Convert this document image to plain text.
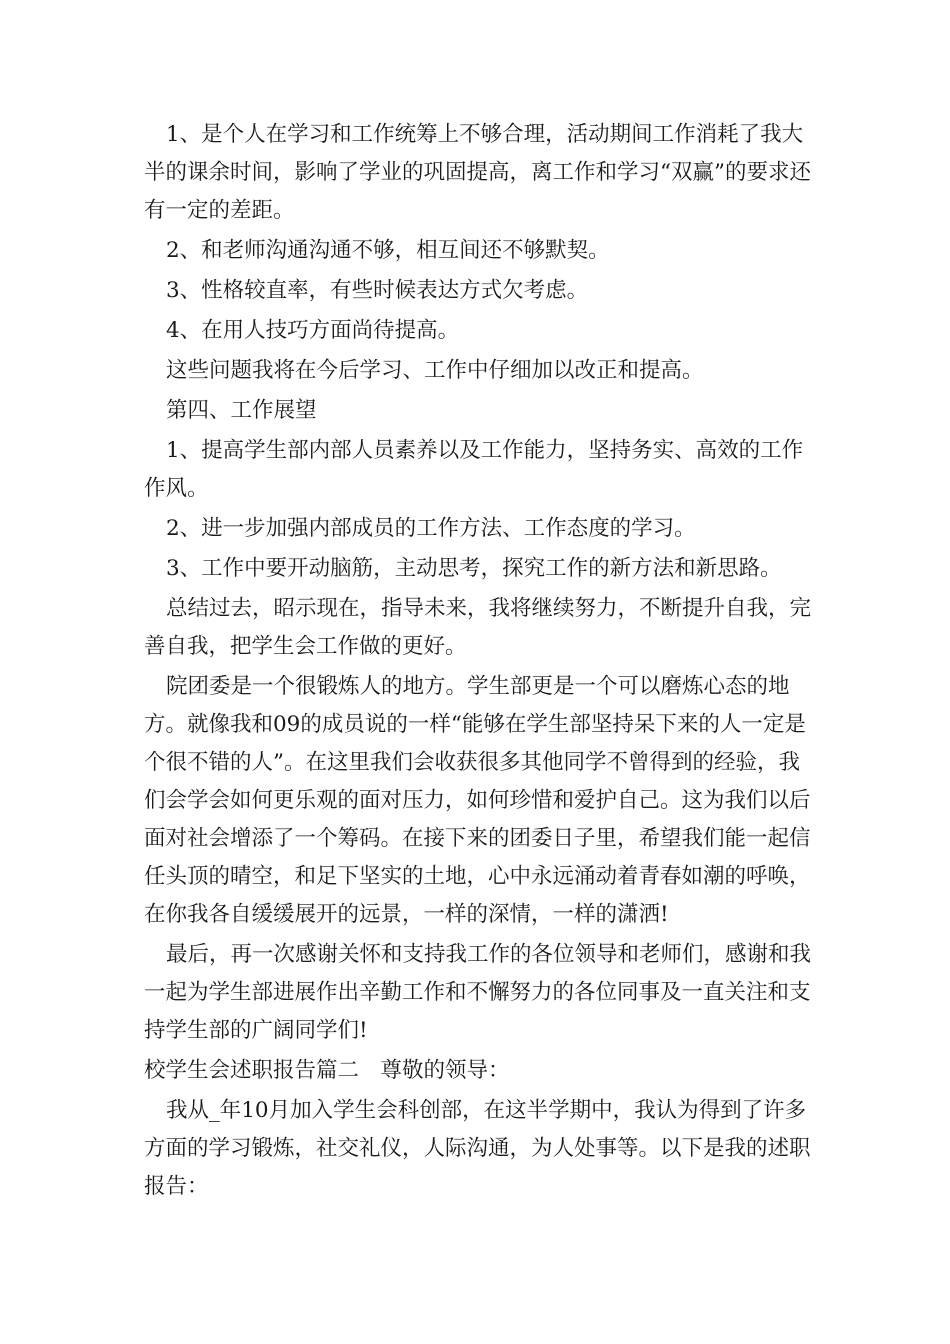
1、是个人在学习和工作统筹上不够合理，活动期间工作消耗了我大半的课余时间，影响了学业的巩固提高，离工作和学习“双赢”的要求还有一定的差距。

2、和老师沟通沟通不够，相互间还不够默契。

3、性格较直率，有些时候表达方式欠考虑。

4、在用人技巧方面尚待提高。

这些问题我将在今后学习、工作中仔细加以改正和提高。

第四、工作展望

1、提高学生部内部人员素养以及工作能力，坚持务实、高效的工作作风。

2、进一步加强内部成员的工作方法、工作态度的学习。

3、工作中要开动脑筋，主动思考，探究工作的新方法和新思路。

总结过去，昭示现在，指导未来，我将继续努力，不断提升自我，完善自我，把学生会工作做的更好。

院团委是一个很锻炼人的地方。学生部更是一个可以磨炼心态的地方。就像我和09的成员说的一样“能够在学生部坚持呆下来的人一定是个很不错的人”。在这里我们会收获很多其他同学不曾得到的经验，我们会学会如何更乐观的面对压力，如何珍惜和爱护自己。这为我们以后面对社会增添了一个筹码。在接下来的团委日子里，希望我们能一起信任头顶的晴空，和足下坚实的土地，心中永远涌动着青春如潮的呼唤，在你我各自缓缓展开的远景，一样的深情，一样的潇洒!

最后，再一次感谢关怀和支持我工作的各位领导和老师们，感谢和我一起为学生部进展作出辛勤工作和不懈努力的各位同事及一直关注和支持学生部的广阔同学们!

校学生会述职报告篇二　尊敬的领导：

我从_年10月加入学生会科创部，在这半学期中，我认为得到了许多方面的学习锻炼，社交礼仪，人际沟通，为人处事等。以下是我的述职报告：
